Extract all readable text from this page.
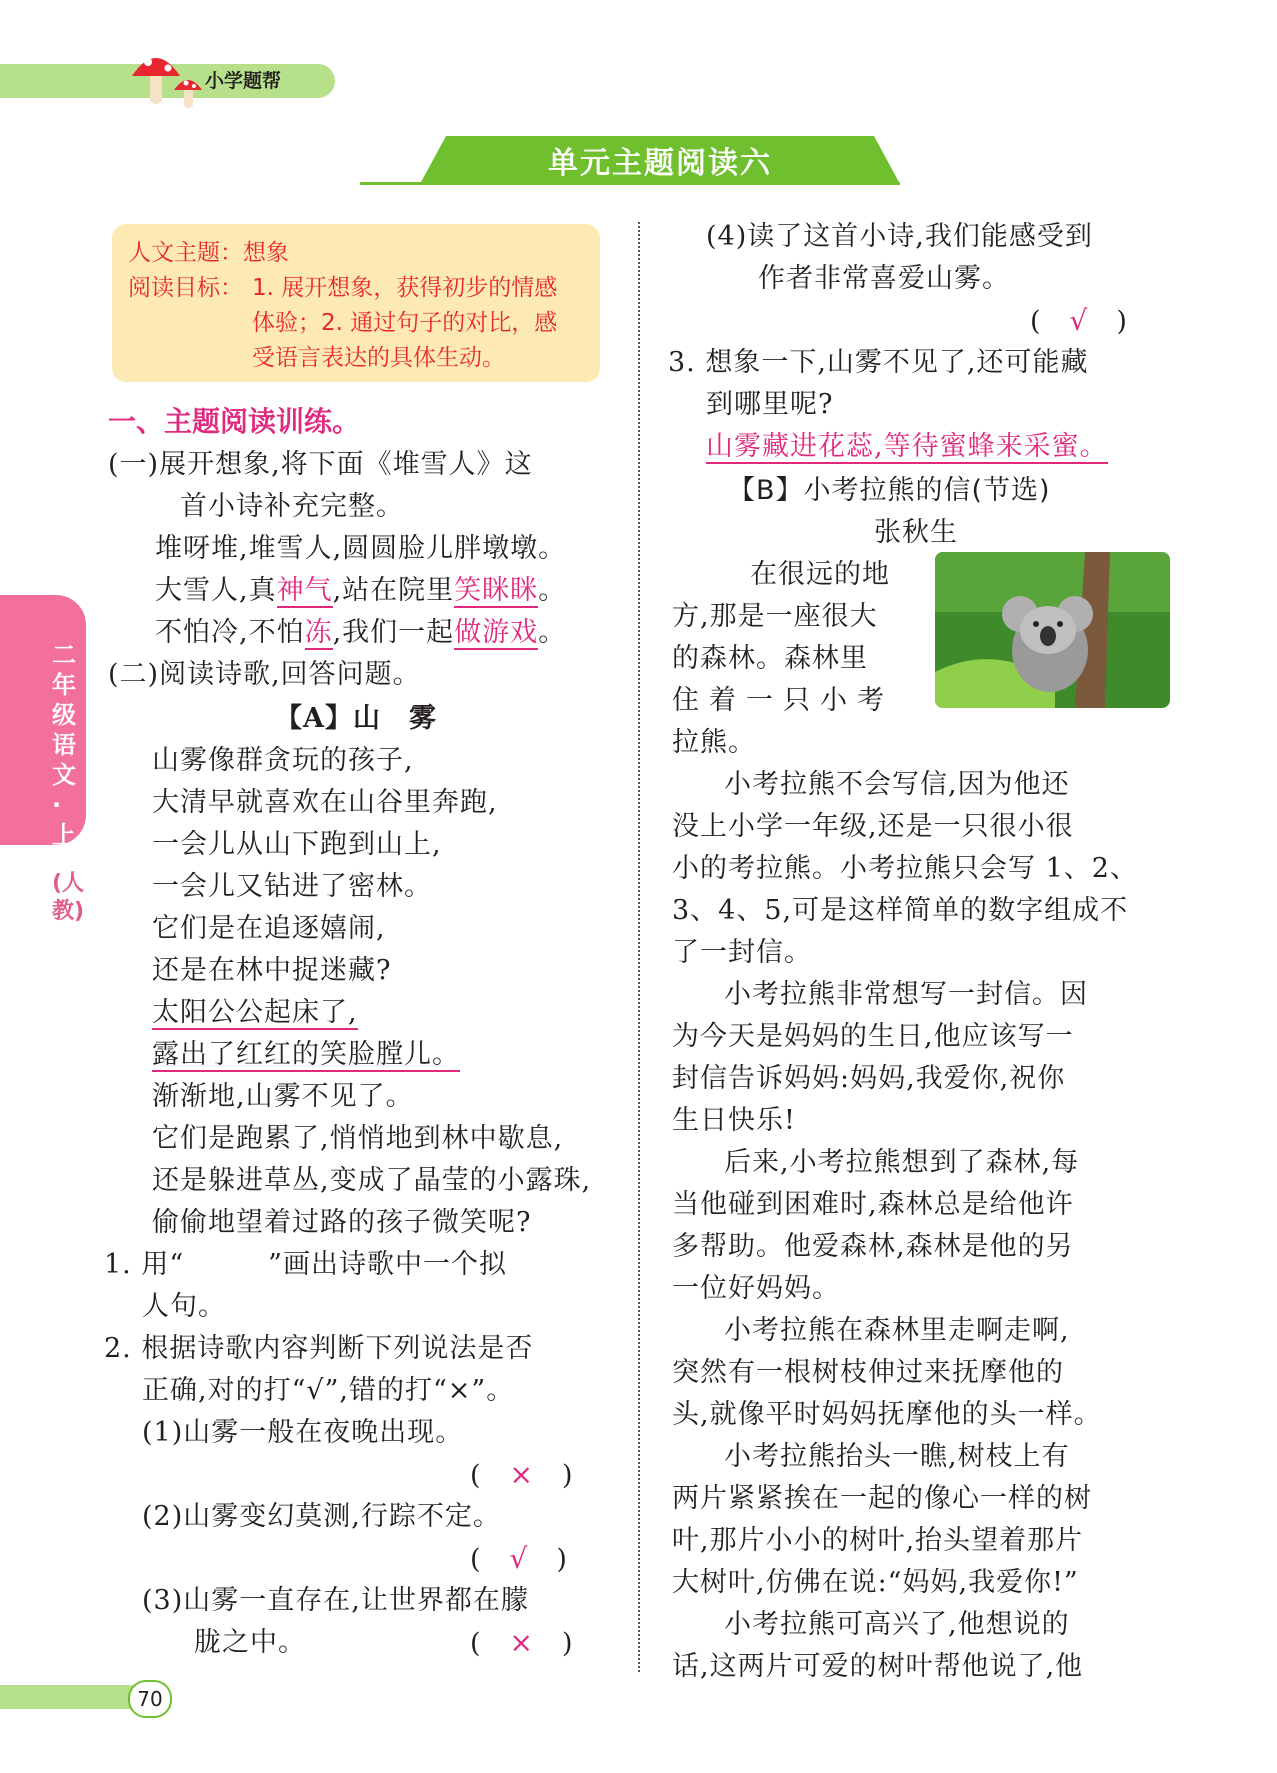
小学题帮
单元主题阅读六
二年级语文·上
(人教)
人文主题：想象
阅读目标： 1. 展开想象，获得初步的情感
体验；2. 通过句子的对比，感
受语言表达的具体生动。
一、主题阅读训练。
(一)展开想象,将下面《堆雪人》这
首小诗补充完整。
堆呀堆,堆雪人,圆圆脸儿胖墩墩。
大雪人,真神气,站在院里笑眯眯。
不怕冷,不怕冻,我们一起做游戏。
(二)阅读诗歌,回答问题。
【A】山　雾
山雾像群贪玩的孩子,
大清早就喜欢在山谷里奔跑,
一会儿从山下跑到山上,
一会儿又钻进了密林。
它们是在追逐嬉闹,
还是在林中捉迷藏?
太阳公公起床了,
露出了红红的笑脸膛儿。
渐渐地,山雾不见了。
它们是跑累了,悄悄地到林中歇息,
还是躲进草丛,变成了晶莹的小露珠,
偷偷地望着过路的孩子微笑呢?
1. 用“　　　”画出诗歌中一个拟
人句。
2. 根据诗歌内容判断下列说法是否
正确,对的打“√”,错的打“×”。
(1)山雾一般在夜晚出现。
(　×　)
(2)山雾变幻莫测,行踪不定。
(　√　)
(3)山雾一直存在,让世界都在朦
胧之中。	(　×　)
(4)读了这首小诗,我们能感受到
作者非常喜爱山雾。
(　√　)
3. 想象一下,山雾不见了,还可能藏
到哪里呢?
山雾藏进花蕊,等待蜜蜂来采蜜。
【B】小考拉熊的信(节选)
张秋生
在很远的地
方,那是一座很大
的森林。森林里
住着一只小考
拉熊。
小考拉熊不会写信,因为他还
没上小学一年级,还是一只很小很
小的考拉熊。小考拉熊只会写 1、2、
3、4、5,可是这样简单的数字组成不
了一封信。
小考拉熊非常想写一封信。因
为今天是妈妈的生日,他应该写一
封信告诉妈妈:妈妈,我爱你,祝你
生日快乐!
后来,小考拉熊想到了森林,每
当他碰到困难时,森林总是给他许
多帮助。他爱森林,森林是他的另
一位好妈妈。
小考拉熊在森林里走啊走啊,
突然有一根树枝伸过来抚摩他的
头,就像平时妈妈抚摩他的头一样。
小考拉熊抬头一瞧,树枝上有
两片紧紧挨在一起的像心一样的树
叶,那片小小的树叶,抬头望着那片
大树叶,仿佛在说:“妈妈,我爱你!”
小考拉熊可高兴了,他想说的
话,这两片可爱的树叶帮他说了,他
70
